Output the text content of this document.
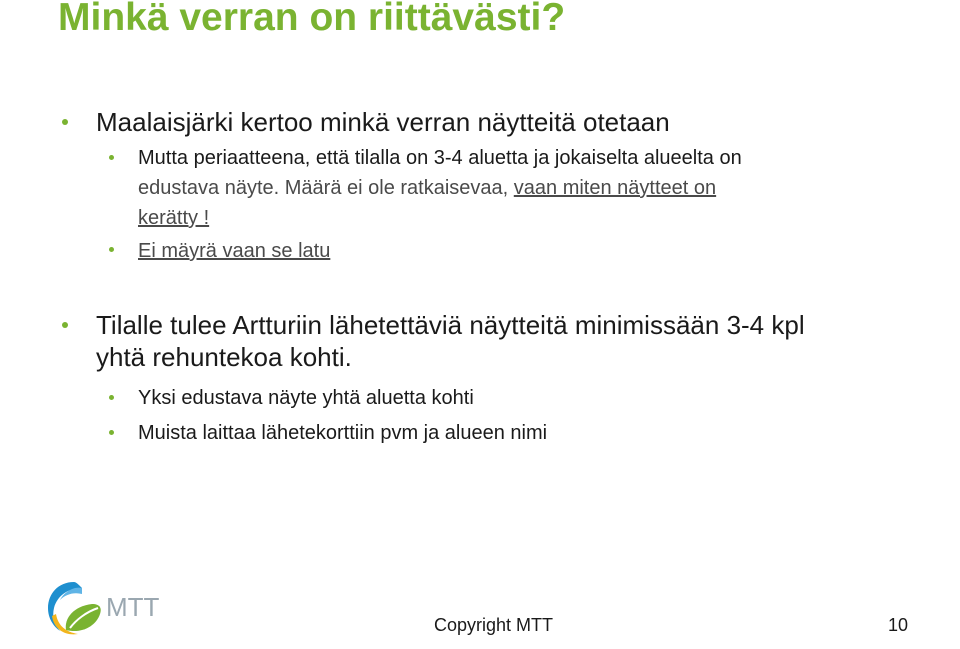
Minkä verran on riittävästi?
Maalaisjärki kertoo minkä verran näytteitä otetaan
Mutta periaatteena, että tilalla on 3-4 aluetta ja jokaiselta alueelta on
edustava näyte. Määrä ei ole ratkaisevaa, vaan miten näytteet on
kerätty !
Ei mäyrä vaan se latu
Tilalle tulee Artturiin lähetettäviä näytteitä minimissään 3-4 kpl
yhtä rehuntekoa kohti.
Yksi edustava näyte yhtä aluetta kohti
Muista laittaa lähetekorttiin pvm ja alueen nimi
MTT
Copyright MTT	10
